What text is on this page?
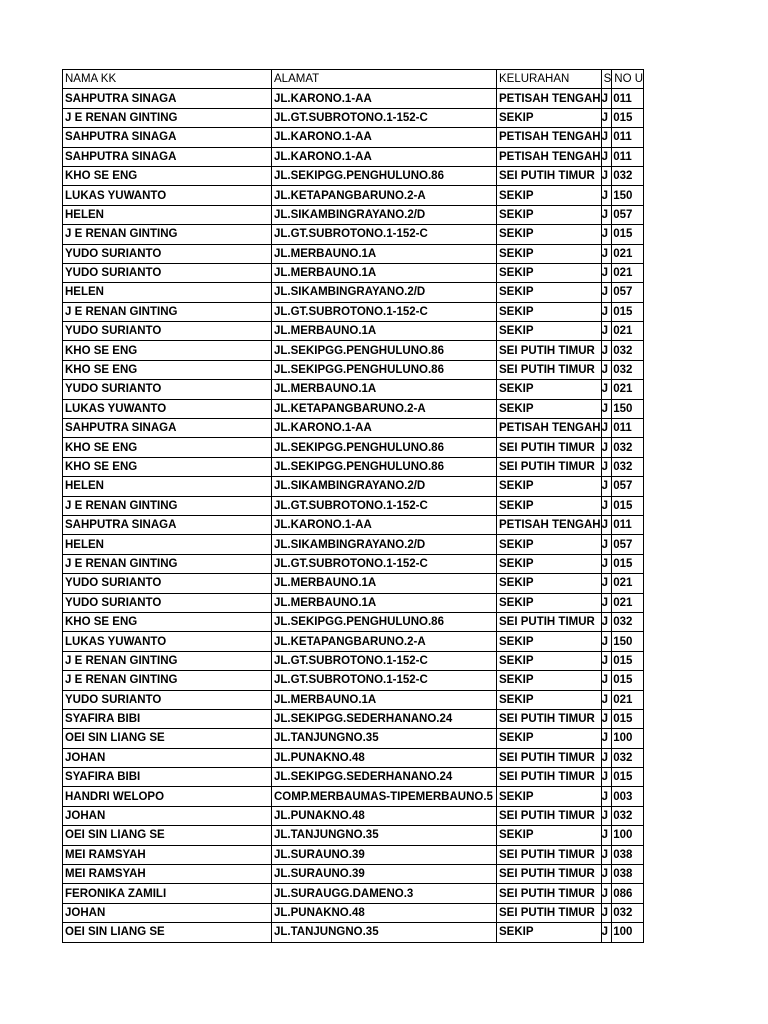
NAMA KK	ALAMAT	KELURAHAN	S	NO U
SAHPUTRA SINAGA	JL.KARONO.1-AA	PETISAH TENGAH	J	011
J E RENAN GINTING	JL.GT.SUBROTONO.1-152-C	SEKIP	J	015
SAHPUTRA SINAGA	JL.KARONO.1-AA	PETISAH TENGAH	J	011
SAHPUTRA SINAGA	JL.KARONO.1-AA	PETISAH TENGAH	J	011
KHO SE ENG	JL.SEKIPGG.PENGHULUNO.86	SEI PUTIH TIMUR	J	032
LUKAS YUWANTO	JL.KETAPANGBARUNO.2-A	SEKIP	J	150
HELEN	JL.SIKAMBINGRAYANO.2/D	SEKIP	J	057
J E RENAN GINTING	JL.GT.SUBROTONO.1-152-C	SEKIP	J	015
YUDO SURIANTO	JL.MERBAUNO.1A	SEKIP	J	021
YUDO SURIANTO	JL.MERBAUNO.1A	SEKIP	J	021
HELEN	JL.SIKAMBINGRAYANO.2/D	SEKIP	J	057
J E RENAN GINTING	JL.GT.SUBROTONO.1-152-C	SEKIP	J	015
YUDO SURIANTO	JL.MERBAUNO.1A	SEKIP	J	021
KHO SE ENG	JL.SEKIPGG.PENGHULUNO.86	SEI PUTIH TIMUR	J	032
KHO SE ENG	JL.SEKIPGG.PENGHULUNO.86	SEI PUTIH TIMUR	J	032
YUDO SURIANTO	JL.MERBAUNO.1A	SEKIP	J	021
LUKAS YUWANTO	JL.KETAPANGBARUNO.2-A	SEKIP	J	150
SAHPUTRA SINAGA	JL.KARONO.1-AA	PETISAH TENGAH	J	011
KHO SE ENG	JL.SEKIPGG.PENGHULUNO.86	SEI PUTIH TIMUR	J	032
KHO SE ENG	JL.SEKIPGG.PENGHULUNO.86	SEI PUTIH TIMUR	J	032
HELEN	JL.SIKAMBINGRAYANO.2/D	SEKIP	J	057
J E RENAN GINTING	JL.GT.SUBROTONO.1-152-C	SEKIP	J	015
SAHPUTRA SINAGA	JL.KARONO.1-AA	PETISAH TENGAH	J	011
HELEN	JL.SIKAMBINGRAYANO.2/D	SEKIP	J	057
J E RENAN GINTING	JL.GT.SUBROTONO.1-152-C	SEKIP	J	015
YUDO SURIANTO	JL.MERBAUNO.1A	SEKIP	J	021
YUDO SURIANTO	JL.MERBAUNO.1A	SEKIP	J	021
KHO SE ENG	JL.SEKIPGG.PENGHULUNO.86	SEI PUTIH TIMUR	J	032
LUKAS YUWANTO	JL.KETAPANGBARUNO.2-A	SEKIP	J	150
J E RENAN GINTING	JL.GT.SUBROTONO.1-152-C	SEKIP	J	015
J E RENAN GINTING	JL.GT.SUBROTONO.1-152-C	SEKIP	J	015
YUDO SURIANTO	JL.MERBAUNO.1A	SEKIP	J	021
SYAFIRA BIBI	JL.SEKIPGG.SEDERHANANO.24	SEI PUTIH TIMUR	J	015
OEI SIN LIANG SE	JL.TANJUNGNO.35	SEKIP	J	100
JOHAN	JL.PUNAKNO.48	SEI PUTIH TIMUR	J	032
SYAFIRA BIBI	JL.SEKIPGG.SEDERHANANO.24	SEI PUTIH TIMUR	J	015
HANDRI WELOPO	COMP.MERBAUMAS-TIPEMERBAUNO.5	SEKIP	J	003
JOHAN	JL.PUNAKNO.48	SEI PUTIH TIMUR	J	032
OEI SIN LIANG SE	JL.TANJUNGNO.35	SEKIP	J	100
MEI RAMSYAH	JL.SURAUNO.39	SEI PUTIH TIMUR	J	038
MEI RAMSYAH	JL.SURAUNO.39	SEI PUTIH TIMUR	J	038
FERONIKA ZAMILI	JL.SURAUGG.DAMENO.3	SEI PUTIH TIMUR	J	086
JOHAN	JL.PUNAKNO.48	SEI PUTIH TIMUR	J	032
OEI SIN LIANG SE	JL.TANJUNGNO.35	SEKIP	J	100
